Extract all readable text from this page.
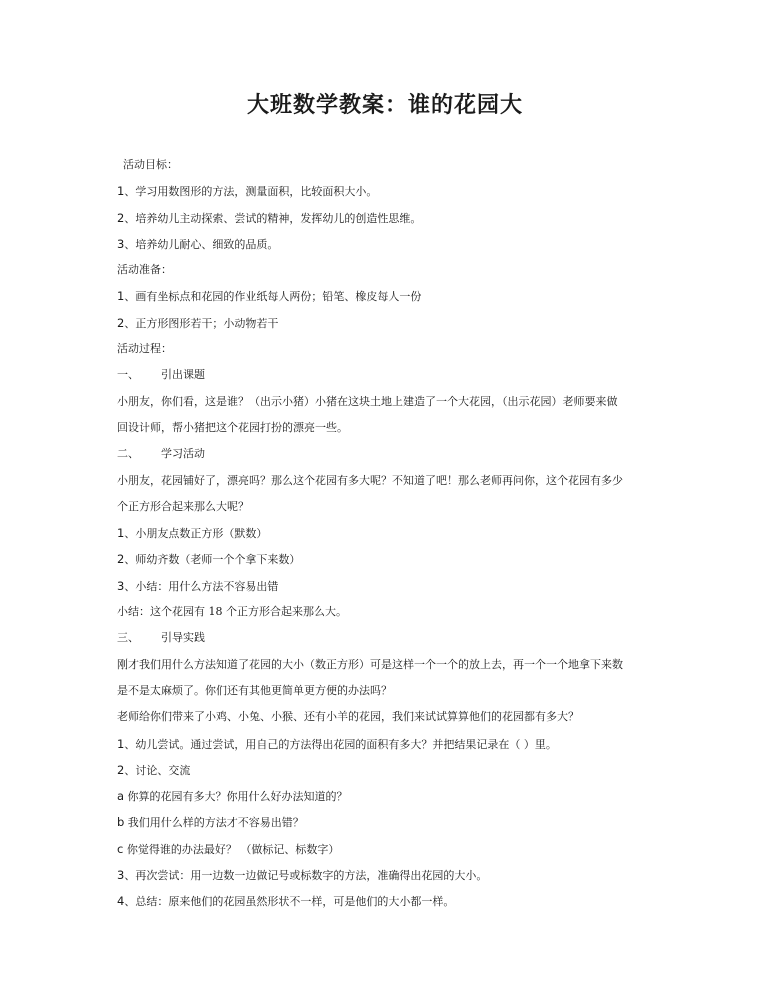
大班数学教案：谁的花园大
活动目标：
1、学习用数图形的方法，测量面积，比较面积大小。
2、培养幼儿主动探索、尝试的精神，发挥幼儿的创造性思维。
3、培养幼儿耐心、细致的品质。
活动准备：
1、画有坐标点和花园的作业纸每人两份；铅笔、橡皮每人一份
2、正方形图形若干；小动物若干
活动过程：
一、 引出课题
小朋友，你们看，这是谁？（出示小猪）小猪在这块土地上建造了一个大花园，（出示花园）老师要来做
回设计师，帮小猪把这个花园打扮的漂亮一些。
二、 学习活动
小朋友，花园铺好了，漂亮吗？那么这个花园有多大呢？不知道了吧！那么老师再问你，这个花园有多少
个正方形合起来那么大呢？
1、小朋友点数正方形（默数）
2、师幼齐数（老师一个个拿下来数）
3、小结：用什么方法不容易出错
小结：这个花园有 18 个正方形合起来那么大。
三、 引导实践
刚才我们用什么方法知道了花园的大小（数正方形）可是这样一个一个的放上去，再一个一个地拿下来数
是不是太麻烦了。你们还有其他更简单更方便的办法吗？
老师给你们带来了小鸡、小兔、小猴、还有小羊的花园，我们来试试算算他们的花园都有多大？
1、幼儿尝试。通过尝试，用自己的方法得出花园的面积有多大？并把结果记录在（ ）里。
2、讨论、交流
a 你算的花园有多大？你用什么好办法知道的？
b 我们用什么样的方法才不容易出错？
c 你觉得谁的办法最好？ （做标记、标数字）
3、再次尝试：用一边数一边做记号或标数字的方法，准确得出花园的大小。
4、总结：原来他们的花园虽然形状不一样，可是他们的大小都一样。
